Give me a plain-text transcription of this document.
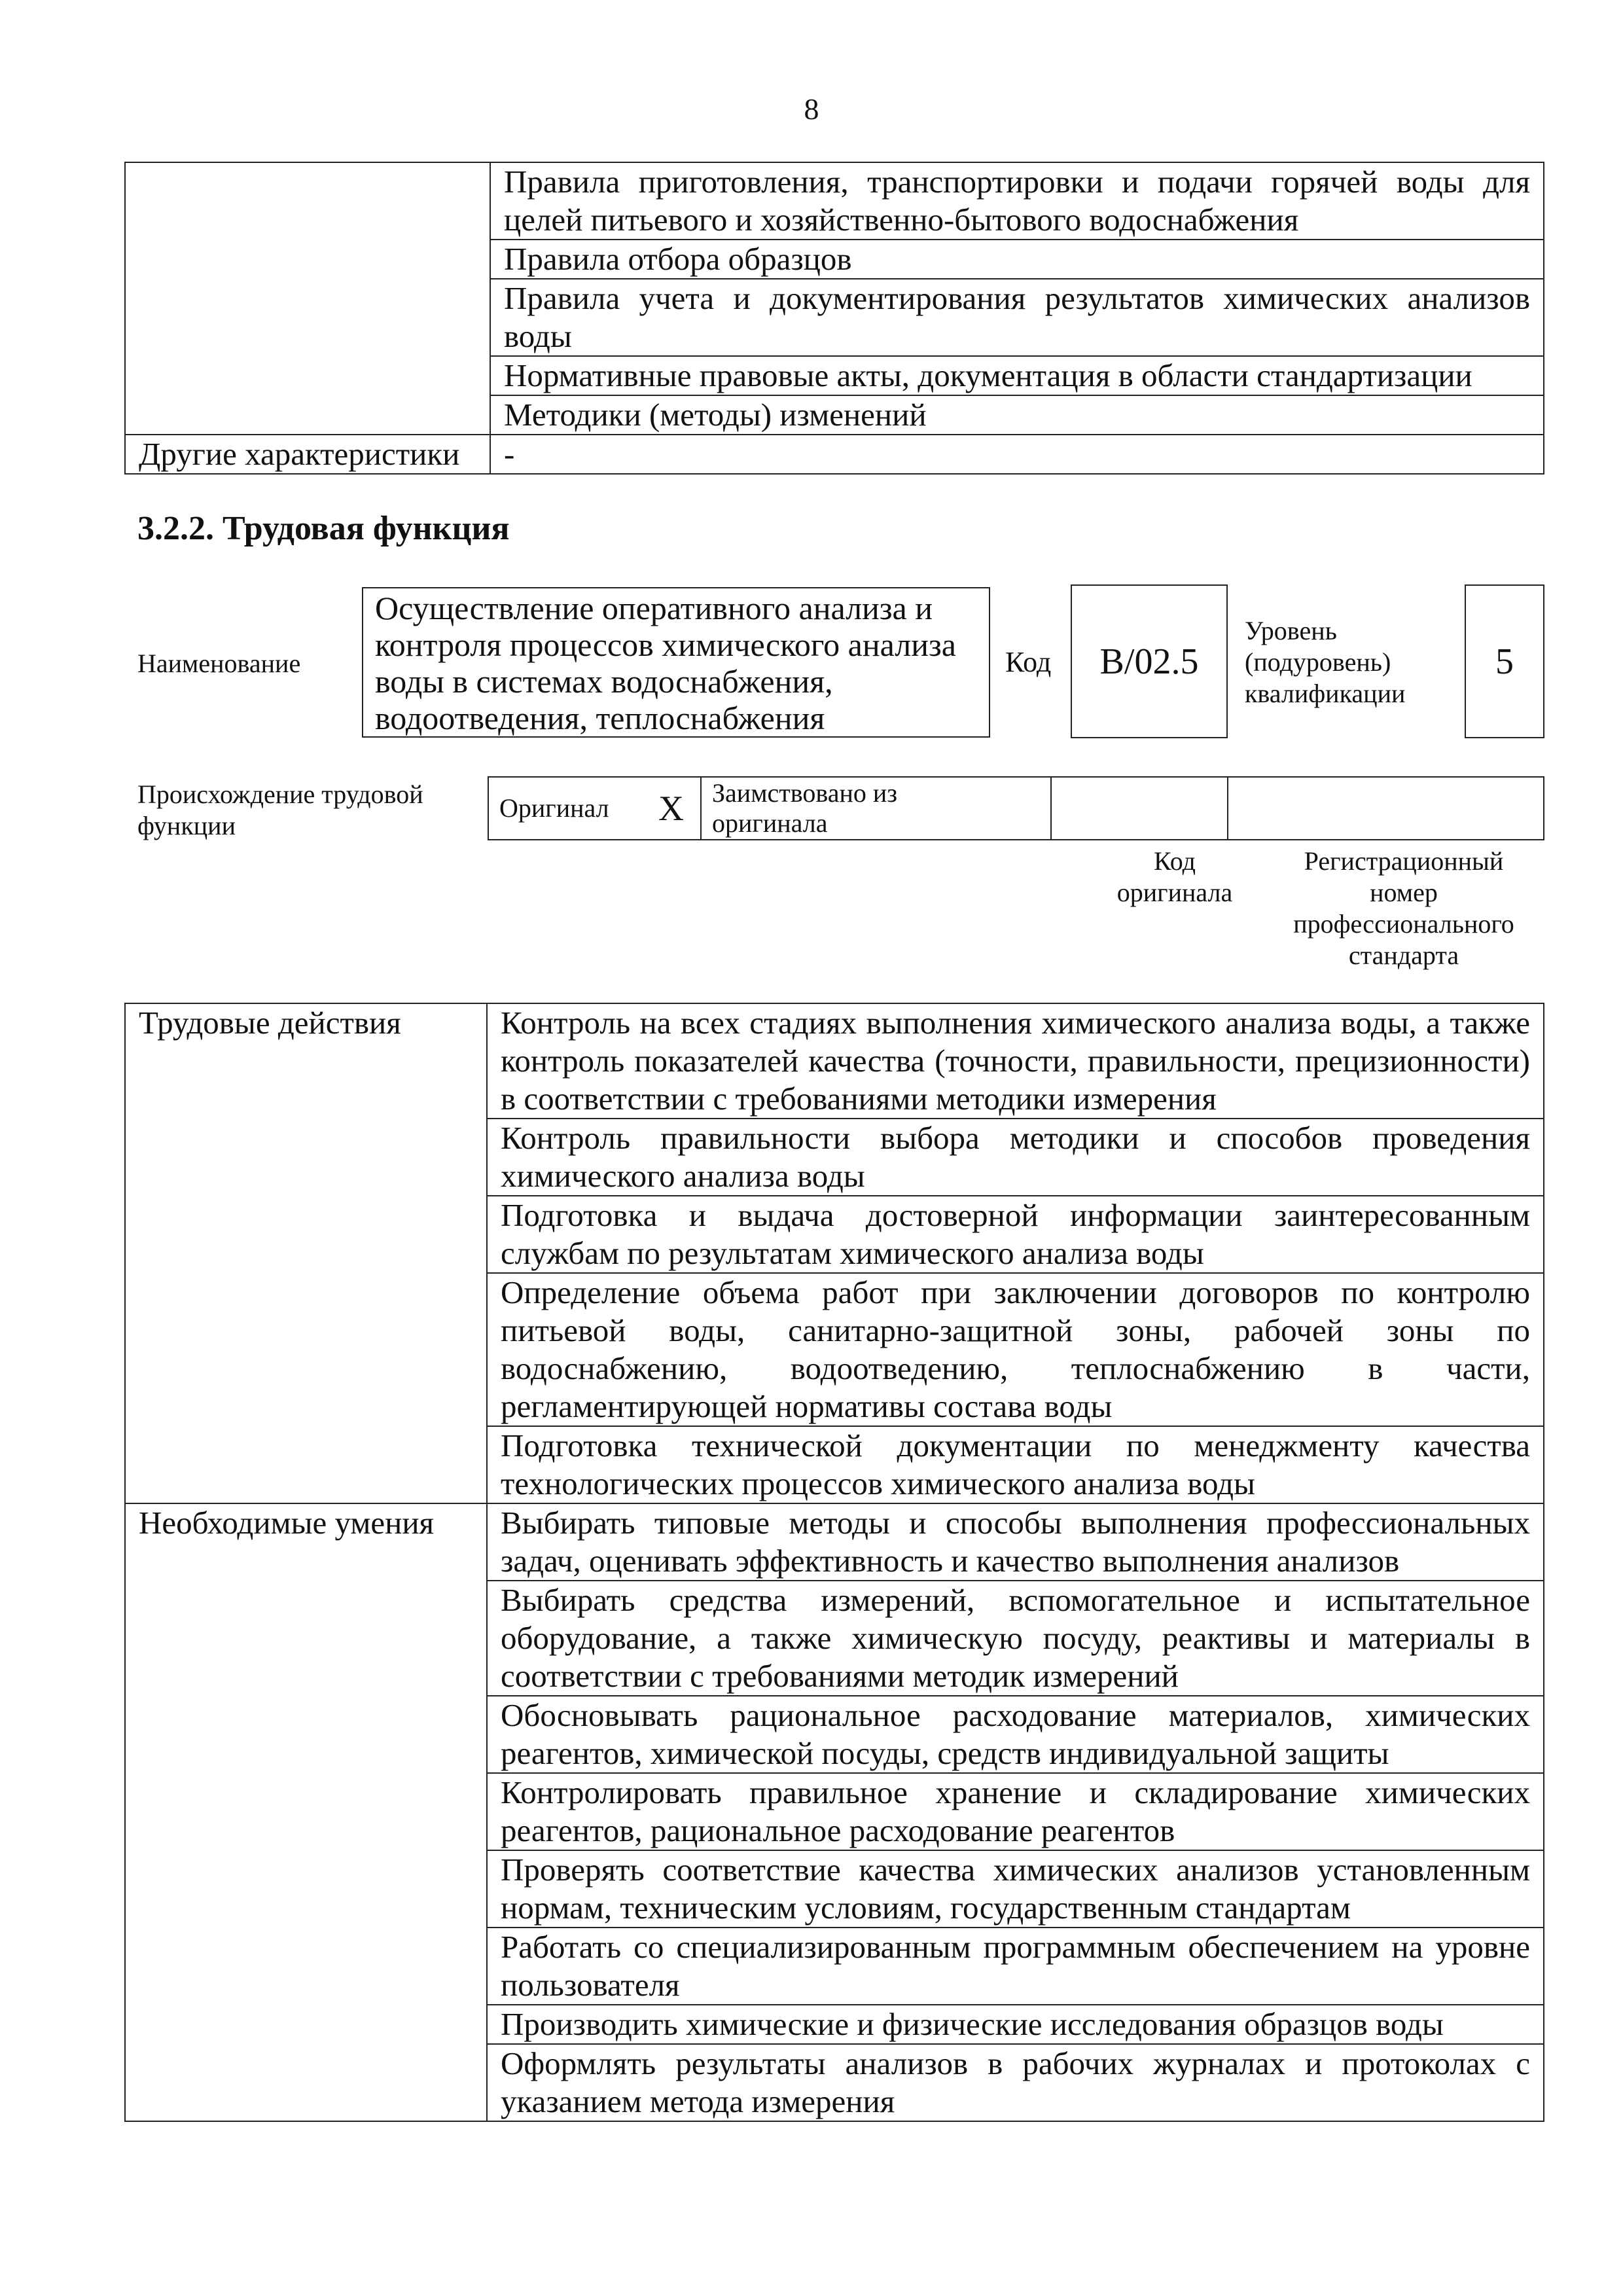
8
	Правила приготовления, транспортировки и подачи горячей воды для целей питьевого и хозяйственно-бытового водоснабжения
	Правила отбора образцов
	Правила учета и документирования результатов химических анализов воды
	Нормативные правовые акты, документация в области стандартизации
	Методики (методы) изменений
Другие характеристики	-
3.2.2. Трудовая функция
Наименование
Осуществление оперативного анализа и контроля процессов химического анализа воды в системах водоснабжения, водоотведения, теплоснабжения
Код	B/02.5
Уровень
(подуровень)
квалификации
5
Происхождение трудовой
функции
Оригинал	X	Заимствовано из
оригинала

Код
оригинала
Регистрационный
номер
профессионального
стандарта
Трудовые действия	Контроль на всех стадиях выполнения химического анализа воды, а также контроль показателей качества (точности, правильности, прецизионности) в соответствии с требованиями методики измерения
	Контроль правильности выбора методики и способов проведения химического анализа воды
	Подготовка и выдача достоверной информации заинтересованным службам по результатам химического анализа воды
	Определение объема работ при заключении договоров по контролю питьевой воды, санитарно-защитной зоны, рабочей зоны по водоснабжению, водоотведению, теплоснабжению в части, регламентирующей нормативы состава воды
	Подготовка технической документации по менеджменту качества технологических процессов химического анализа воды
Необходимые умения	Выбирать типовые методы и способы выполнения профессиональных задач, оценивать эффективность и качество выполнения анализов
	Выбирать средства измерений, вспомогательное и испытательное оборудование, а также химическую посуду, реактивы и материалы в соответствии с требованиями методик измерений
	Обосновывать рациональное расходование материалов, химических реагентов, химической посуды, средств индивидуальной защиты
	Контролировать правильное хранение и складирование химических реагентов, рациональное расходование реагентов
	Проверять соответствие качества химических анализов установленным нормам, техническим условиям, государственным стандартам
	Работать со специализированным программным обеспечением на уровне пользователя
	Производить химические и физические исследования образцов воды
	Оформлять результаты анализов в рабочих журналах и протоколах с указанием метода измерения
